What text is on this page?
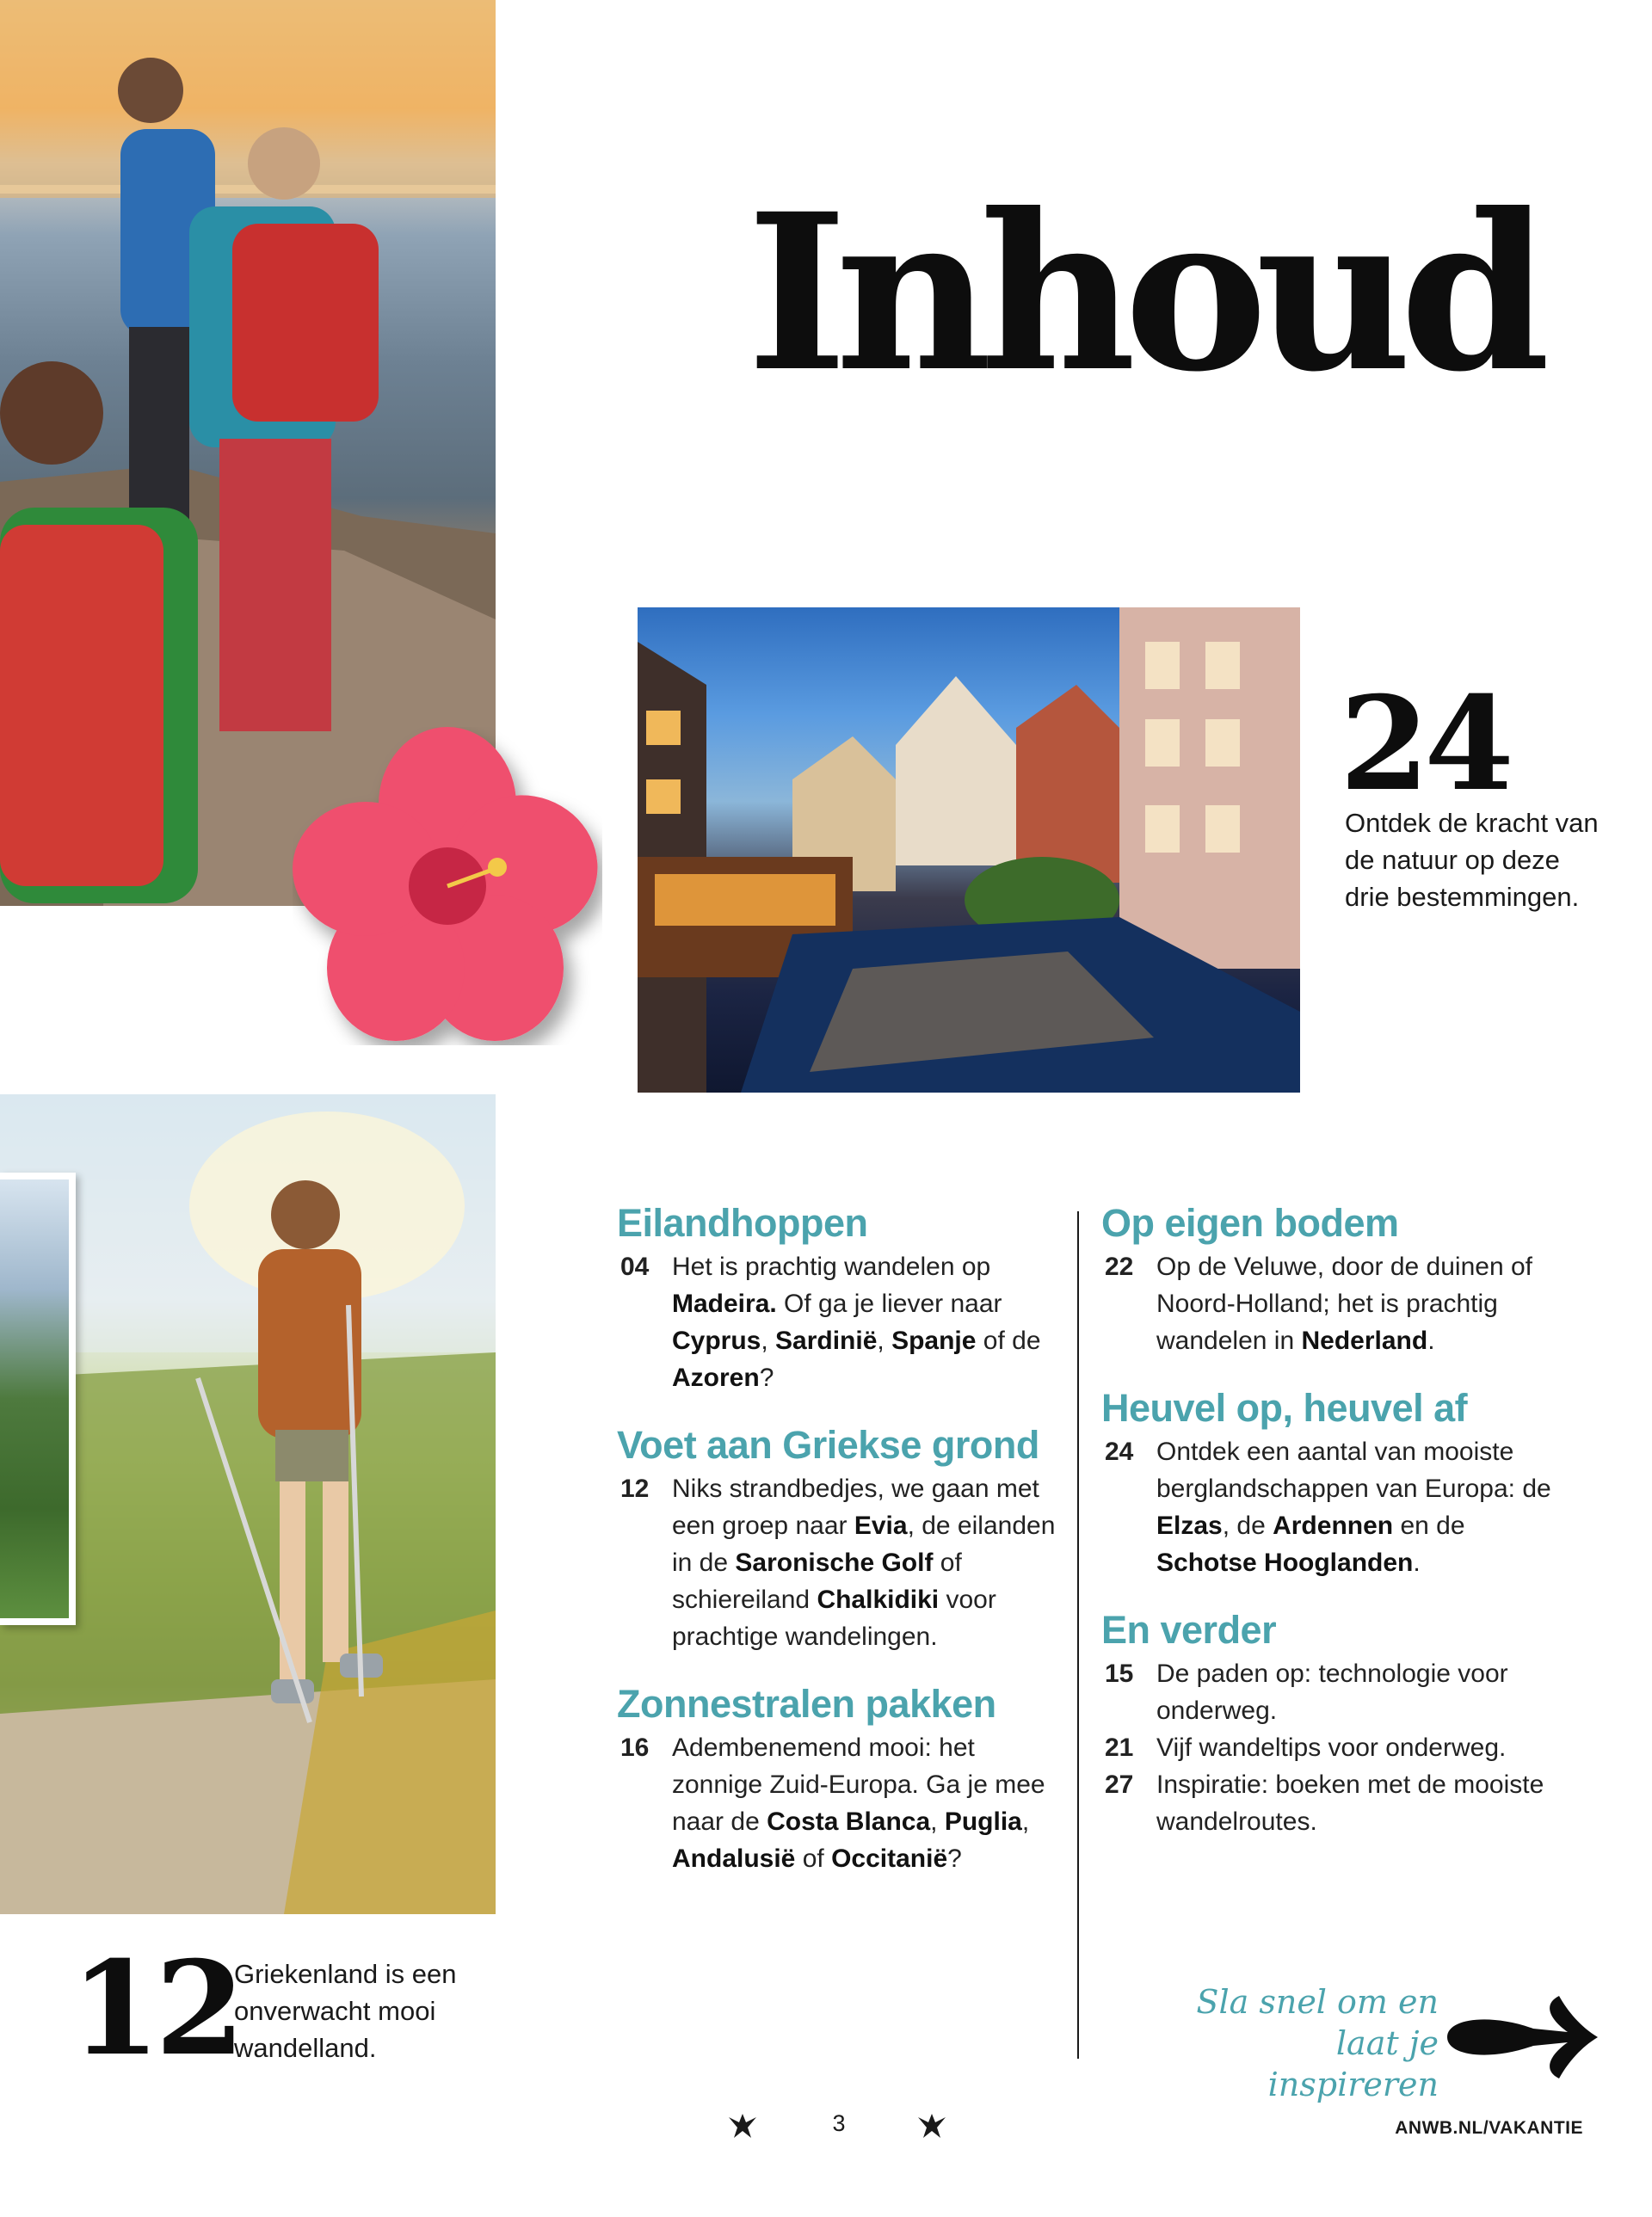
Inhoud
24
Ontdek de kracht van de natuur op deze drie bestemmingen.
12
Griekenland is een onverwacht mooi wandelland.
Eilandhoppen
04 Het is prachtig wandelen op Madeira. Of ga je liever naar Cyprus, Sardinië, Spanje of de Azoren?
Voet aan Griekse grond
12 Niks strandbedjes, we gaan met een groep naar Evia, de eilanden in de Saronische Golf of schiereiland Chalkidiki voor prachtige wandelingen.
Zonnestralen pakken
16 Adembenemend mooi: het zonnige Zuid-Europa. Ga je mee naar de Costa Blanca, Puglia, Andalusië of Occitanië?
Op eigen bodem
22 Op de Veluwe, door de duinen of Noord-Holland; het is prachtig wandelen in Nederland.
Heuvel op, heuvel af
24 Ontdek een aantal van mooiste berglandschappen van Europa: de Elzas, de Ardennen en de Schotse Hooglanden.
En verder
15 De paden op: technologie voor onderweg.
21 Vijf wandeltips voor onderweg.
27 Inspiratie: boeken met de mooiste wandelroutes.
Sla snel om en
laat je inspireren
3	ANWB.NL/VAKANTIE
